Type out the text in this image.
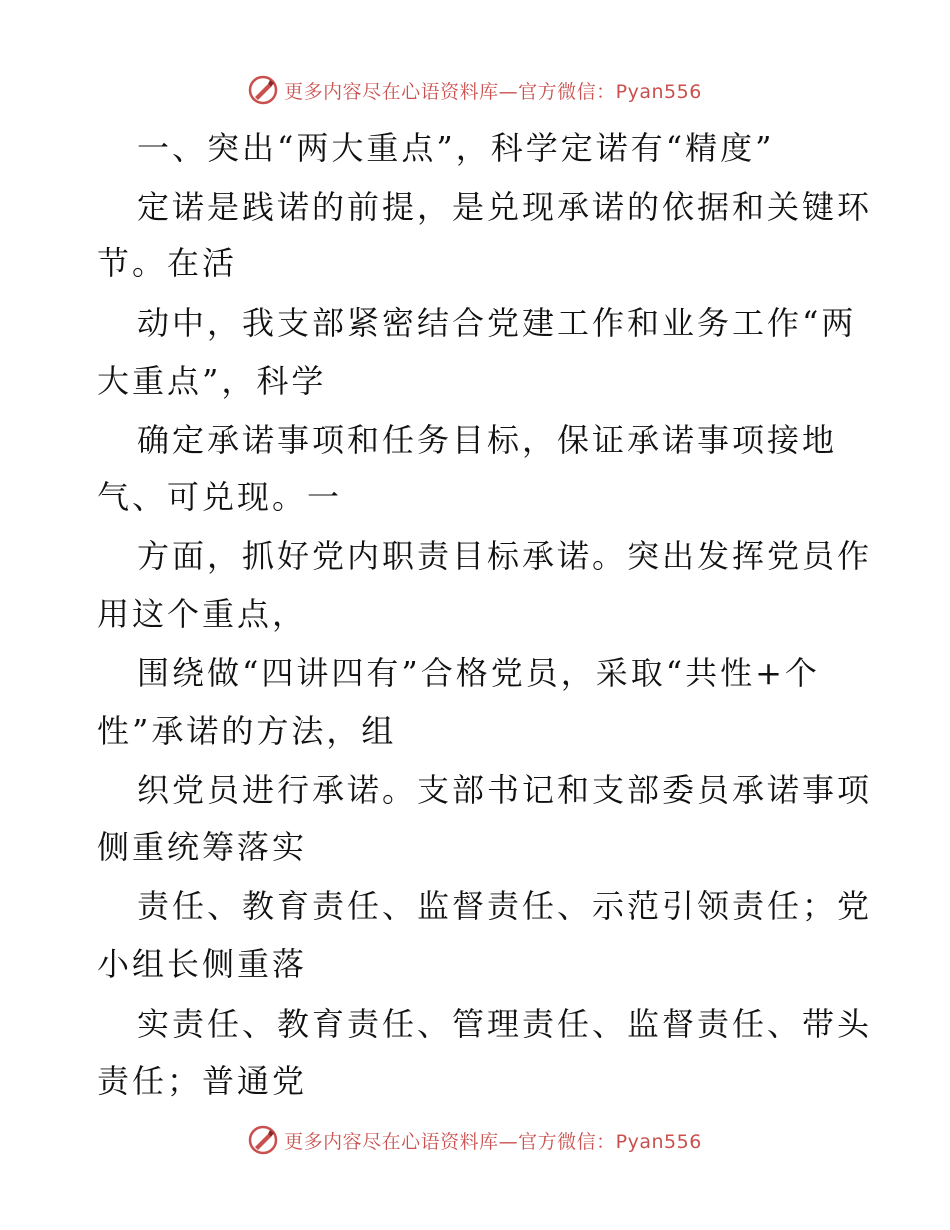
更多内容尽在心语资料库—官方微信：Pyan556
一、突出“两大重点”，科学定诺有“精度”
定诺是践诺的前提，是兑现承诺的依据和关键环
节。在活
动中，我支部紧密结合党建工作和业务工作“两
大重点”，科学
确定承诺事项和任务目标，保证承诺事项接地
气、可兑现。一
方面，抓好党内职责目标承诺。突出发挥党员作
用这个重点，
围绕做“四讲四有”合格党员，采取“共性+个
性”承诺的方法，组
织党员进行承诺。支部书记和支部委员承诺事项
侧重统筹落实
责任、教育责任、监督责任、示范引领责任；党
小组长侧重落
实责任、教育责任、管理责任、监督责任、带头
责任；普通党
更多内容尽在心语资料库—官方微信：Pyan556
